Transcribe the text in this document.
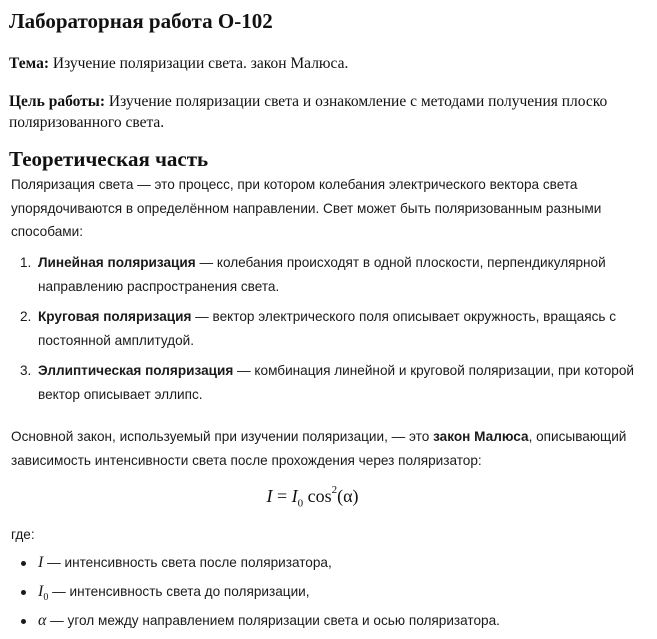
Лабораторная работа О-102

Тема: Изучение поляризации света. закон Малюса.

Цель работы: Изучение поляризации света и ознакомление с методами получения плоско поляризованного света.

Теоретическая часть

Поляризация света — это процесс, при котором колебания электрического вектора света упорядочиваются в определённом направлении. Свет может быть поляризованным разными способами:

1. Линейная поляризация — колебания происходят в одной плоскости, перпендикулярной направлению распространения света.
2. Круговая поляризация — вектор электрического поля описывает окружность, вращаясь с постоянной амплитудой.
3. Эллиптическая поляризация — комбинация линейной и круговой поляризации, при которой вектор описывает эллипс.

Основной закон, используемый при изучении поляризации, — это закон Малюса, описывающий зависимость интенсивности света после прохождения через поляризатор:

$I = I_0$ $\cos^2(\alpha)$

где:

I — интенсивность света после поляризатора,
$I_0$ — интенсивность света до поляризации,
α — угол между направлением поляризации света и осью поляризатора.
